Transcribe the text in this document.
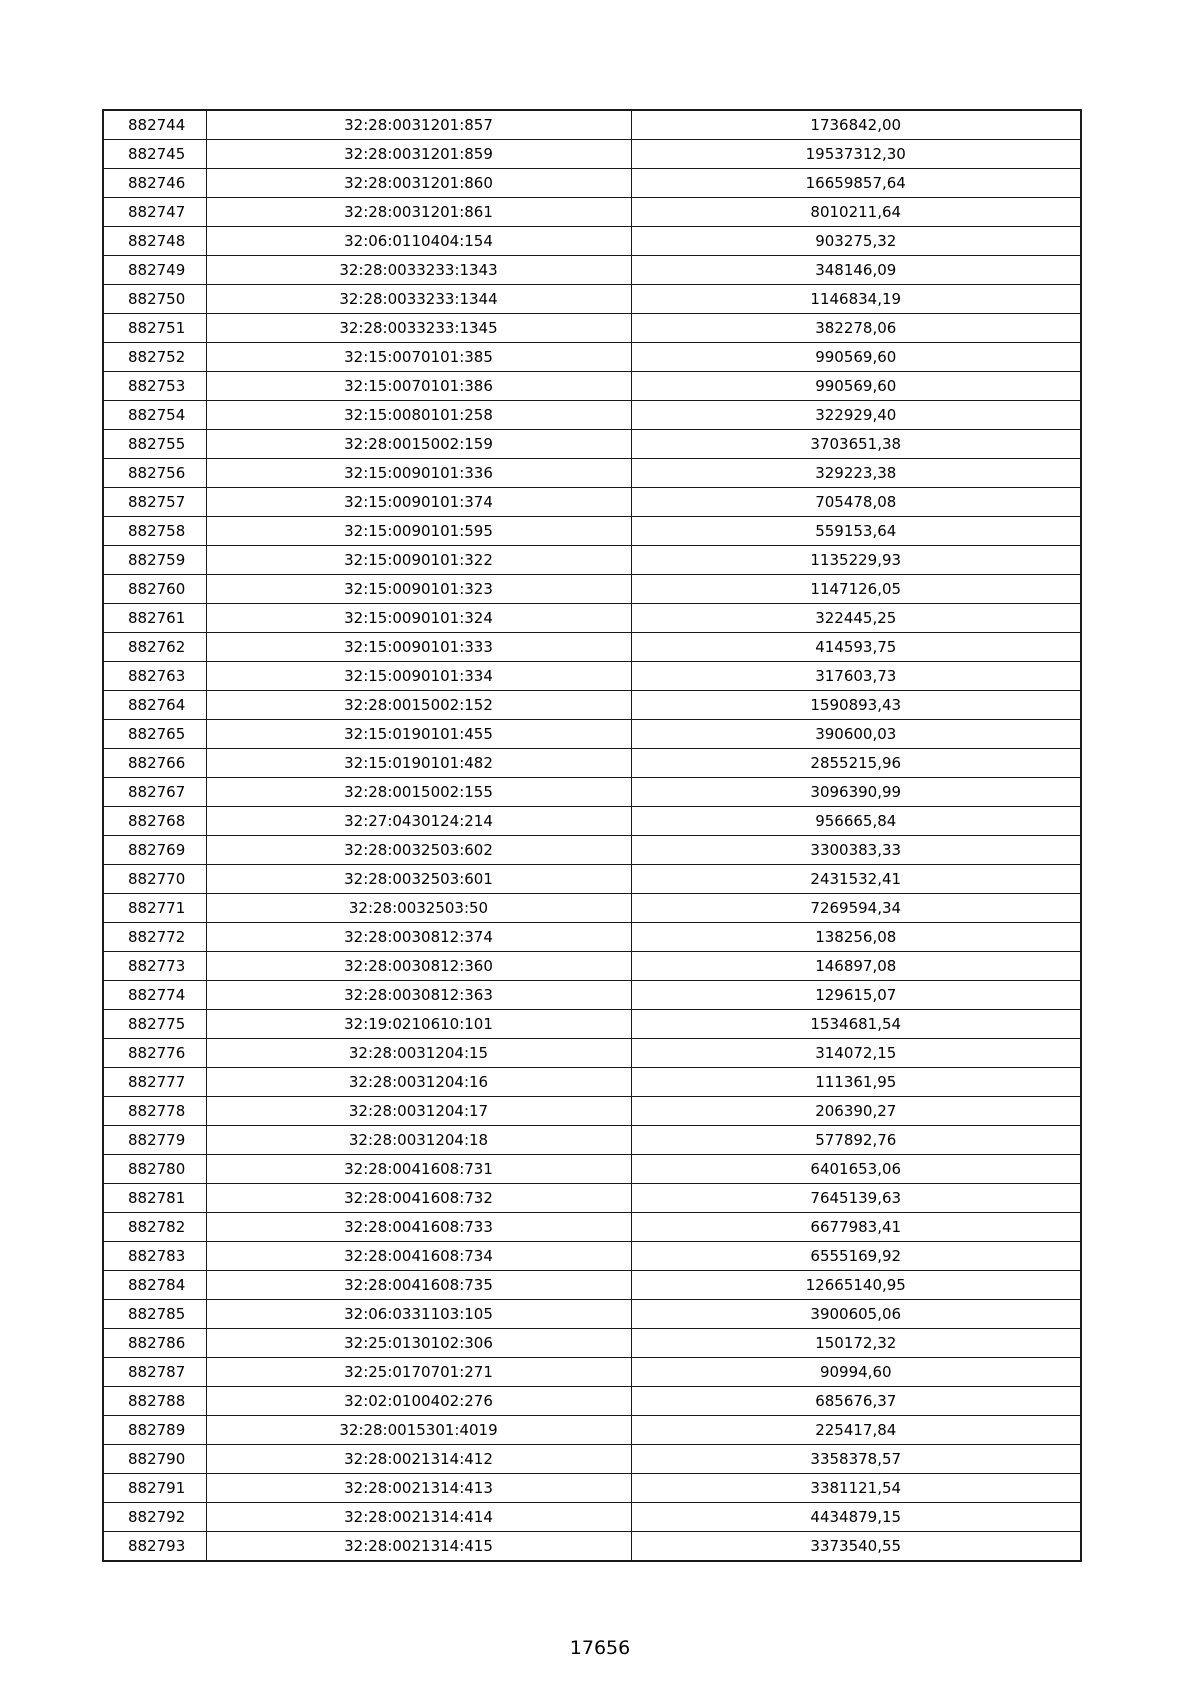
882744	32:28:0031201:857	1736842,00
882745	32:28:0031201:859	19537312,30
882746	32:28:0031201:860	16659857,64
882747	32:28:0031201:861	8010211,64
882748	32:06:0110404:154	903275,32
882749	32:28:0033233:1343	348146,09
882750	32:28:0033233:1344	1146834,19
882751	32:28:0033233:1345	382278,06
882752	32:15:0070101:385	990569,60
882753	32:15:0070101:386	990569,60
882754	32:15:0080101:258	322929,40
882755	32:28:0015002:159	3703651,38
882756	32:15:0090101:336	329223,38
882757	32:15:0090101:374	705478,08
882758	32:15:0090101:595	559153,64
882759	32:15:0090101:322	1135229,93
882760	32:15:0090101:323	1147126,05
882761	32:15:0090101:324	322445,25
882762	32:15:0090101:333	414593,75
882763	32:15:0090101:334	317603,73
882764	32:28:0015002:152	1590893,43
882765	32:15:0190101:455	390600,03
882766	32:15:0190101:482	2855215,96
882767	32:28:0015002:155	3096390,99
882768	32:27:0430124:214	956665,84
882769	32:28:0032503:602	3300383,33
882770	32:28:0032503:601	2431532,41
882771	32:28:0032503:50	7269594,34
882772	32:28:0030812:374	138256,08
882773	32:28:0030812:360	146897,08
882774	32:28:0030812:363	129615,07
882775	32:19:0210610:101	1534681,54
882776	32:28:0031204:15	314072,15
882777	32:28:0031204:16	111361,95
882778	32:28:0031204:17	206390,27
882779	32:28:0031204:18	577892,76
882780	32:28:0041608:731	6401653,06
882781	32:28:0041608:732	7645139,63
882782	32:28:0041608:733	6677983,41
882783	32:28:0041608:734	6555169,92
882784	32:28:0041608:735	12665140,95
882785	32:06:0331103:105	3900605,06
882786	32:25:0130102:306	150172,32
882787	32:25:0170701:271	90994,60
882788	32:02:0100402:276	685676,37
882789	32:28:0015301:4019	225417,84
882790	32:28:0021314:412	3358378,57
882791	32:28:0021314:413	3381121,54
882792	32:28:0021314:414	4434879,15
882793	32:28:0021314:415	3373540,55
17656
